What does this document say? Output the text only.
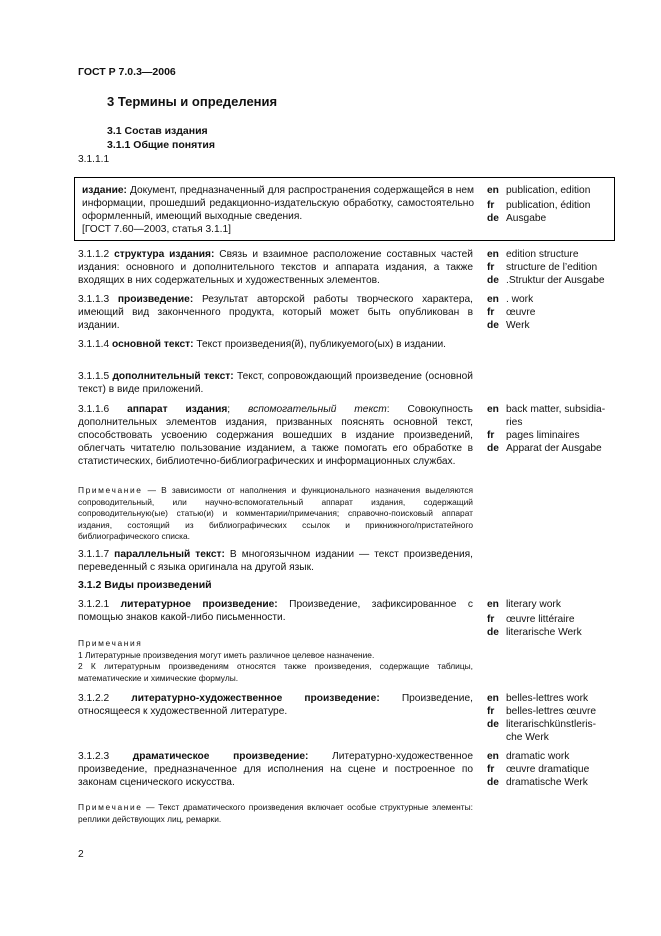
ГОСТ Р 7.0.3—2006
3 Термины и определения
3.1 Состав издания
3.1.1 Общие понятия
3.1.1.1
издание: Документ, предназначенный для распространения содержащейся в нем информации, прошедший редакционно-издательскую обработку, самостоятельно оформленный, имеющий выходные сведения.
[ГОСТ 7.60—2003, статья 3.1.1]
en publication, edition
fr publication, édition
de Ausgabe
3.1.1.2 структура издания: Связь и взаимное расположение составных частей издания: основного и дополнительного текстов и аппарата издания, а также входящих в них содержательных и художественных элементов.
en edition structure
fr structure de l’edition
de .Struktur der Ausgabe
3.1.1.3 произведение: Результат авторской работы творческого характера, имеющий вид законченного продукта, который может быть опубликован в издании.
en . work
fr œuvre
de Werk
3.1.1.4 основной текст: Текст произведения(й), публикуемого(ых) в издании.
3.1.1.5 дополнительный текст: Текст, сопровождающий произведение (основной текст) в виде приложений.
3.1.1.6 аппарат издания; вспомогательный текст: Совокупность дополнительных элементов издания, призванных пояснять основной текст, способствовать усвоению содержания вошедших в издание произведений, облегчать читателю пользование изданием, а также помогать его обработке в статистических, библиотечно-библиографических и информационных службах.
en back matter, subsidia-
ries
fr pages liminaires
de Apparat der Ausgabe
Примечание — В зависимости от наполнения и функционального назначения выделяются сопроводительный, или научно-вспомогательный аппарат издания, содержащий сопроводительную(ые) статью(и) и комментарии/примечания; справочно-поисковый аппарат издания, состоящий из библиографических ссылок и прикнижного/пристатейного библиографического списка.
3.1.1.7 параллельный текст: В многоязычном издании — текст произведения, переведенный с языка оригинала на другой язык.
3.1.2 Виды произведений
3.1.2.1 литературное произведение: Произведение, зафиксированное с помощью знаков какой-либо письменности.
en literary work
fr œuvre littéraire
de literarische Werk
Примечания
1 Литературные произведения могут иметь различное целевое назначение.
2 К литературным произведениям относятся также произведения, содержащие таблицы, математические и химические формулы.
3.1.2.2 литературно-художественное произведение: Произведение, относящееся к художественной литературе.
en belles-lettres work
fr belles-lettres œuvre
de literarischkünstleris-
che Werk
3.1.2.3 драматическое произведение: Литературно-художественное произведение, предназначенное для исполнения на сцене и построенное по законам сценического искусства.
en dramatic work
fr œuvre dramatique
de dramatische Werk
Примечание — Текст драматического произведения включает особые структурные элементы: реплики действующих лиц, ремарки.
2
